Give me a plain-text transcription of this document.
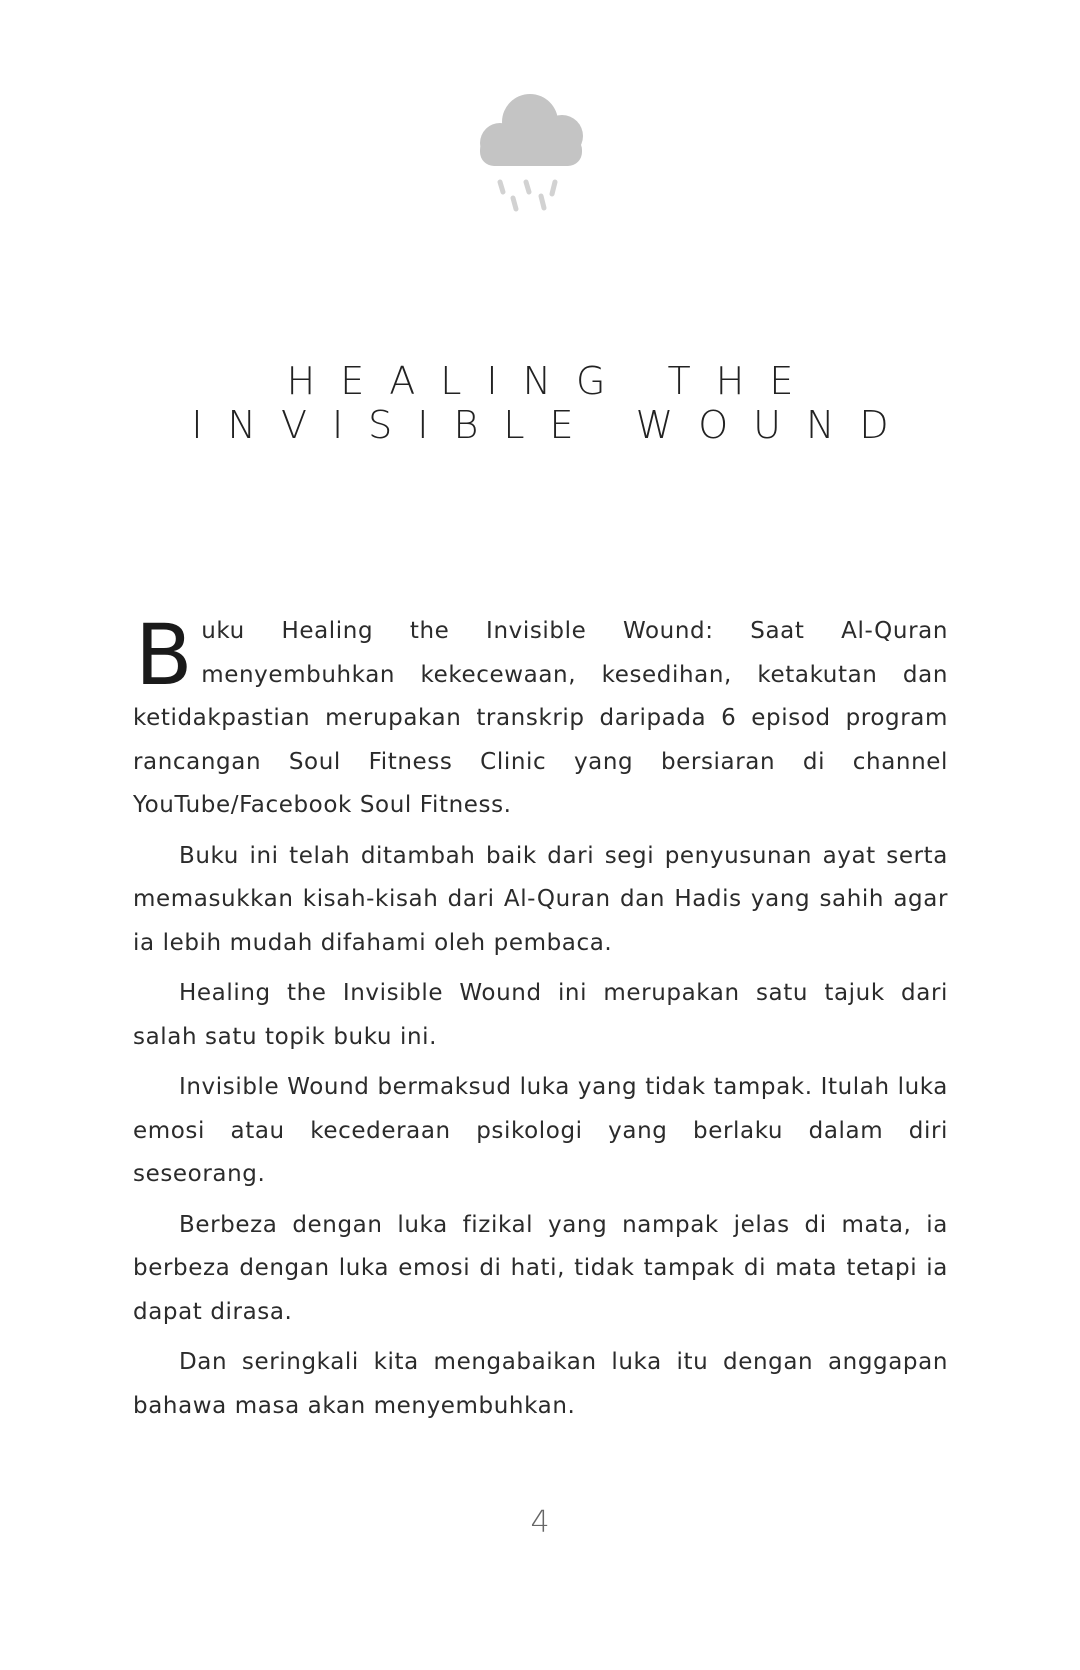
HEALING THE
INVISIBLE WOUND

Buku Healing the Invisible Wound: Saat Al-Quran menyembuhkan kekecewaan, kesedihan, ketakutan dan ketidakpastian merupakan transkrip daripada 6 episod program rancangan Soul Fitness Clinic yang bersiaran di channel YouTube/Facebook Soul Fitness.

Buku ini telah ditambah baik dari segi penyusunan ayat serta memasukkan kisah-kisah dari Al-Quran dan Hadis yang sahih agar ia lebih mudah difahami oleh pembaca.

Healing the Invisible Wound ini merupakan satu tajuk dari salah satu topik buku ini.

Invisible Wound bermaksud luka yang tidak tampak. Itulah luka emosi atau kecederaan psikologi yang berlaku dalam diri seseorang.

Berbeza dengan luka fizikal yang nampak jelas di mata, ia berbeza dengan luka emosi di hati, tidak tampak di mata tetapi ia dapat dirasa.

Dan seringkali kita mengabaikan luka itu dengan anggapan bahawa masa akan menyembuhkan.

4
